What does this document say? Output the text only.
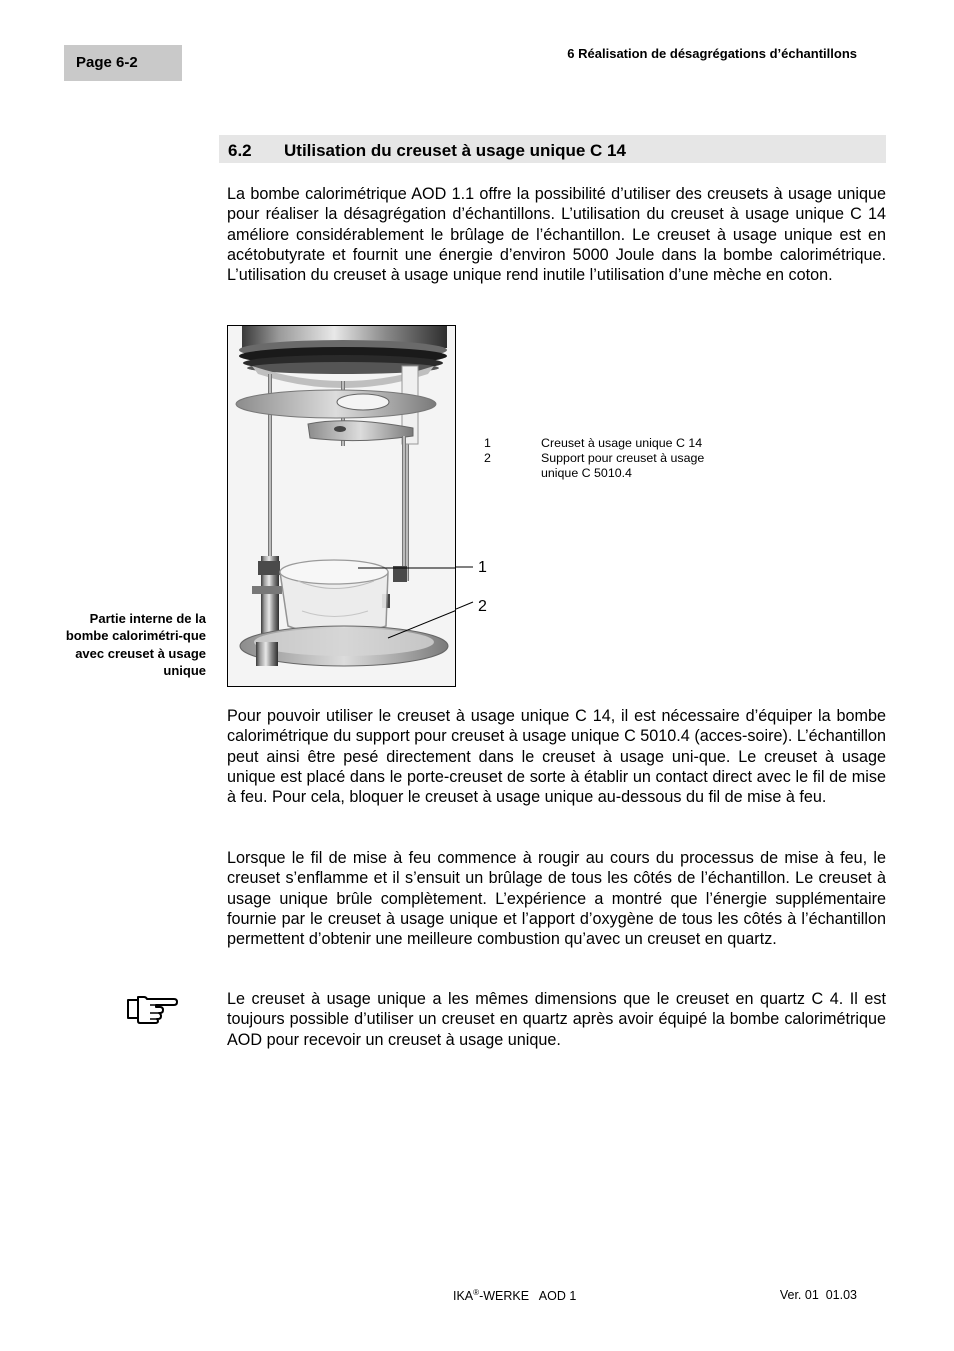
Page 6-2
6 Réalisation de désagrégations d’échantillons
6.2 Utilisation du creuset à usage unique C 14

La bombe calorimétrique AOD 1.1 offre la possibilité d’utiliser des creusets à usage unique pour réaliser la désagrégation d’échantillons. L’utilisation du creuset à usage unique C 14 améliore considérablement le brûlage de l’échantillon. Le creuset à usage unique est en acétobutyrate et fournit une énergie d’environ 5000 Joule dans la bombe calorimétrique. L’utilisation du creuset à usage unique rend inutile l’utilisation d’une mèche en coton.

1
2
1	Creuset à usage unique C 14
2	Support pour creuset à usage unique C 5010.4
Partie interne de la bombe calorimétri-que avec creuset à usage unique

Pour pouvoir utiliser le creuset à usage unique C 14, il est nécessaire d’équiper la bombe calorimétrique du support pour creuset à usage unique C 5010.4 (acces-soire). L’échantillon peut ainsi être pesé directement dans le creuset à usage uni-que. Le creuset à usage unique est placé dans le porte-creuset de sorte à établir un contact direct avec le fil de mise à feu. Pour cela, bloquer le creuset à usage unique au-dessous du fil de mise à feu.

Lorsque le fil de mise à feu commence à rougir au cours du processus de mise à feu, le creuset s’enflamme et il s’ensuit un brûlage de tous les côtés de l’échantillon. Le creuset à usage unique brûle complètement. L’expérience a montré que l’énergie supplémentaire fournie par le creuset à usage unique et l’apport d’oxygène de tous les côtés à l’échantillon permettent d’obtenir une meilleure combustion qu’avec un creuset en quartz.

Le creuset à usage unique a les mêmes dimensions que le creuset en quartz C 4. Il est toujours possible d’utiliser un creuset en quartz après avoir équipé la bombe calorimétrique AOD pour recevoir un creuset à usage unique.

IKA®-WERKE   AOD 1	Ver. 01  01.03
